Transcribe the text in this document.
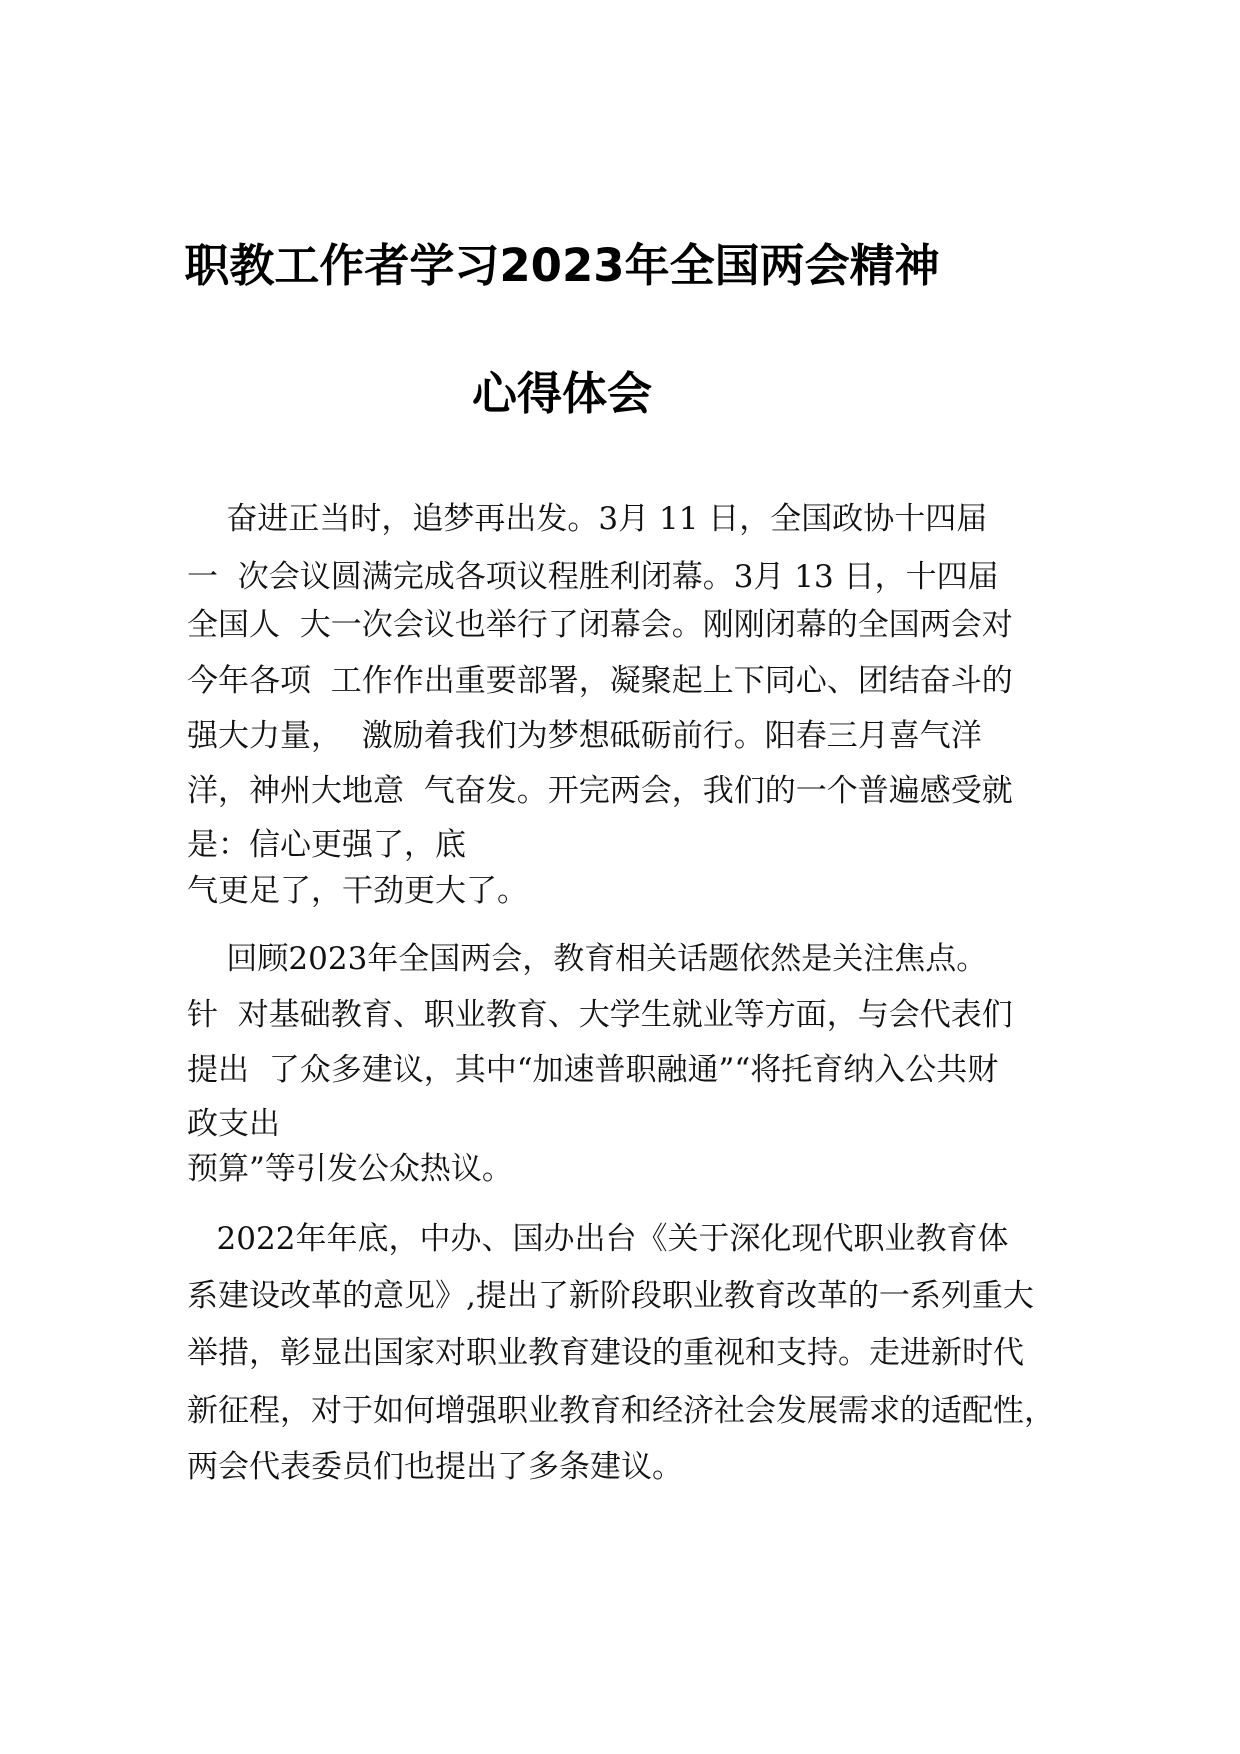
职教工作者学习2023年全国两会精神
心得体会

奋进正当时，追梦再出发。3月 11 日，全国政协十四届

一  次会议圆满完成各项议程胜利闭幕。3月 13 日，十四届

全国人  大一次会议也举行了闭幕会。刚刚闭幕的全国两会对

今年各项  工作作出重要部署，凝聚起上下同心、团结奋斗的

强大力量，  激励着我们为梦想砥砺前行。阳春三月喜气洋

洋，神州大地意  气奋发。开完两会，我们的一个普遍感受就

是：信心更强了，底

气更足了，干劲更大了。

回顾2023年全国两会，教育相关话题依然是关注焦点。

针  对基础教育、职业教育、大学生就业等方面，与会代表们

提出  了众多建议，其中“加速普职融通”“将托育纳入公共财

政支出

预算”等引发公众热议。

2022年年底，中办、国办出台《关于深化现代职业教育体

系建设改革的意见》,提出了新阶段职业教育改革的一系列重大

举措，彰显出国家对职业教育建设的重视和支持。走进新时代

新征程，对于如何增强职业教育和经济社会发展需求的适配性，

两会代表委员们也提出了多条建议。
